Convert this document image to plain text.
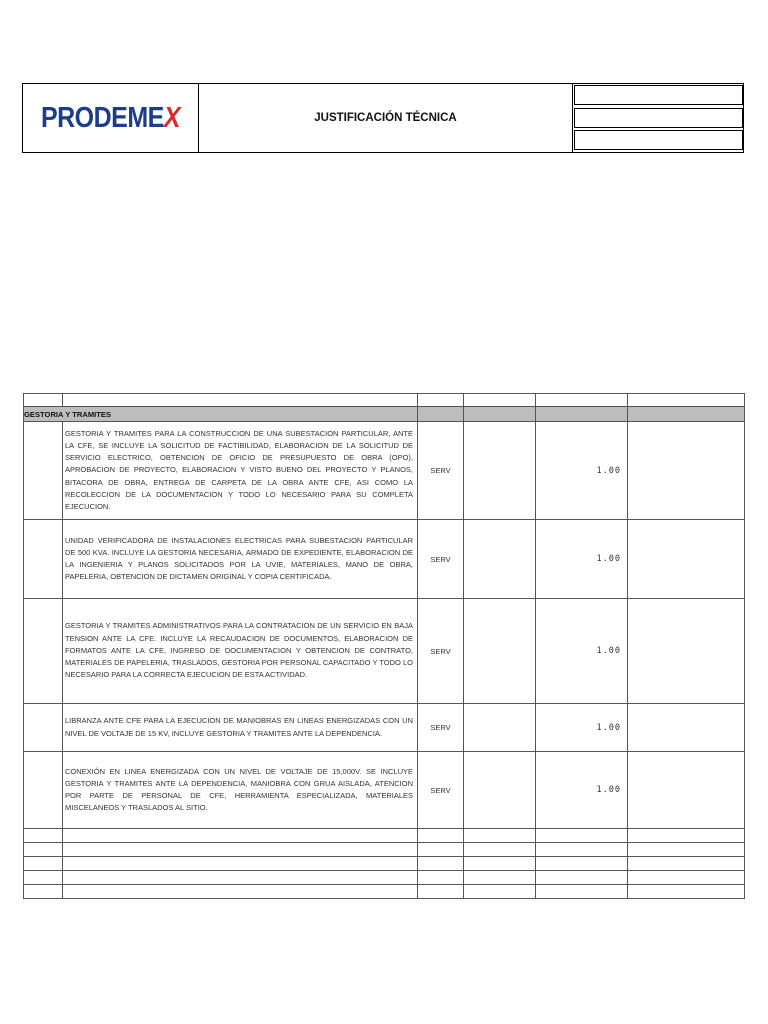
PRODEMEX	JUSTIFICACIÓN TÉCNICA

GESTORIA Y TRAMITES					
	GESTORIA Y TRAMITES PARA LA CONSTRUCCION DE UNA SUBESTACION PARTICULAR, ANTE LA CFE, SE INCLUYE LA SOLICITUD DE FACTIBILIDAD, ELABORACION DE LA SOLICITUD DE SERVICIO ELECTRICO, OBTENCION DE OFICIO DE PRESUPUESTO DE OBRA (OPO), APROBACION DE PROYECTO, ELABORACION Y VISTO BUENO DEL PROYECTO Y PLANOS, BITACORA DE OBRA, ENTREGA DE CARPETA DE LA OBRA ANTE CFE, ASI COMO LA RECOLECCION DE LA DOCUMENTACION Y TODO LO NECESARIO PARA SU COMPLETA EJECUCION.	SERV		1.00	
	UNIDAD VERIFICADORA DE INSTALACIONES ELECTRICAS PARA SUBESTACION PARTICULAR DE 500 KVA. INCLUYE LA GESTORIA NECESARIA, ARMADO DE EXPEDIENTE, ELABORACION DE LA INGENIERIA Y PLANOS SOLICITADOS POR LA UVIE, MATERIALES, MANO DE OBRA, PAPELERIA, OBTENCION DE DICTAMEN ORIGINAL Y COPIA CERTIFICADA.	SERV		1.00	
	GESTORIA Y TRAMITES ADMINISTRATIVOS PARA LA CONTRATACION DE UN SERVICIO EN BAJA TENSION ANTE LA CFE. INCLUYE LA RECAUDACION DE DOCUMENTOS, ELABORACION DE FORMATOS ANTE LA CFE, INGRESO DE DOCUMENTACION Y OBTENCION DE CONTRATO, MATERIALES DE PAPELERIA, TRASLADOS, GESTORIA POR PERSONAL CAPACITADO Y TODO LO NECESARIO PARA LA CORRECTA EJECUCION DE ESTA ACTIVIDAD.	SERV		1.00	
	LIBRANZA ANTE CFE PARA LA EJECUCION DE MANIOBRAS EN LINEAS ENERGIZADAS CON UN NIVEL DE VOLTAJE DE 15 KV, INCLUYE GESTORIA Y TRAMITES ANTE LA DEPENDENCIA.	SERV		1.00	
	CONEXIÓN EN LINEA ENERGIZADA CON UN NIVEL DE VOLTAJE DE 15,000V. SE INCLUYE GESTORIA Y TRAMITES ANTE LA DEPENDENCIA, MANIOBRA CON GRUA AISLADA, ATENCION POR PARTE DE PERSONAL DE CFE, HERRAMIENTA ESPECIALIZADA, MATERIALES MISCELANEOS Y TRASLADOS AL SITIO.	SERV		1.00	
